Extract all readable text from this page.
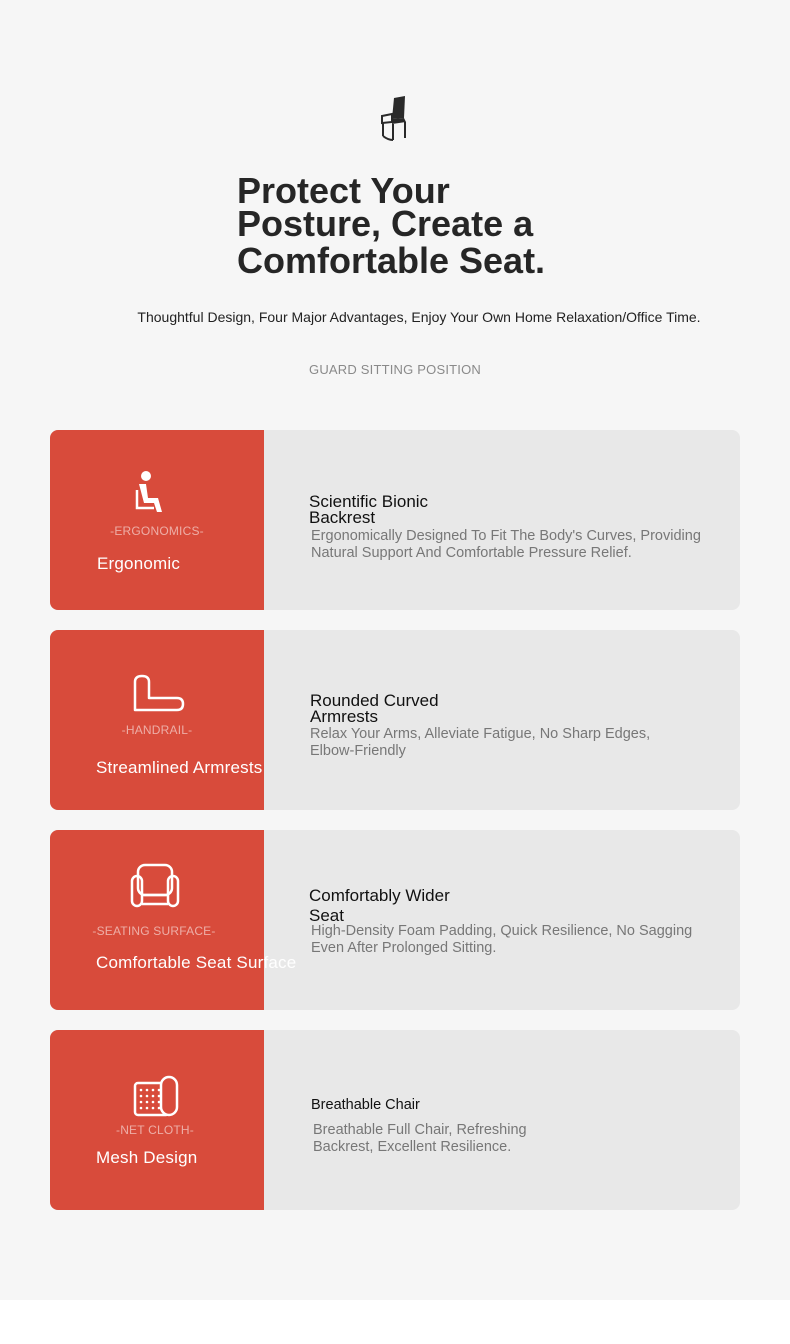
Protect Your
Posture, Create a
Comfortable Seat.

Thoughtful Design, Four Major Advantages, Enjoy Your Own Home Relaxation/Office Time.

GUARD SITTING POSITION
-ERGONOMICS-
Ergonomic
Scientific Bionic Backrest

Ergonomically Designed To Fit The Body's Curves, Providing Natural Support And Comfortable Pressure Relief.

-HANDRAIL-
Streamlined Armrests
Rounded Curved Armrests

Relax Your Arms, Alleviate Fatigue, No Sharp Edges, Elbow-Friendly

-SEATING SURFACE-
Comfortable Seat Surface
Comfortably Wider Seat

High-Density Foam Padding, Quick Resilience, No Sagging Even After Prolonged Sitting.

-NET CLOTH-
Mesh Design
Breathable Chair

Breathable Full Chair, Refreshing Backrest, Excellent Resilience.
